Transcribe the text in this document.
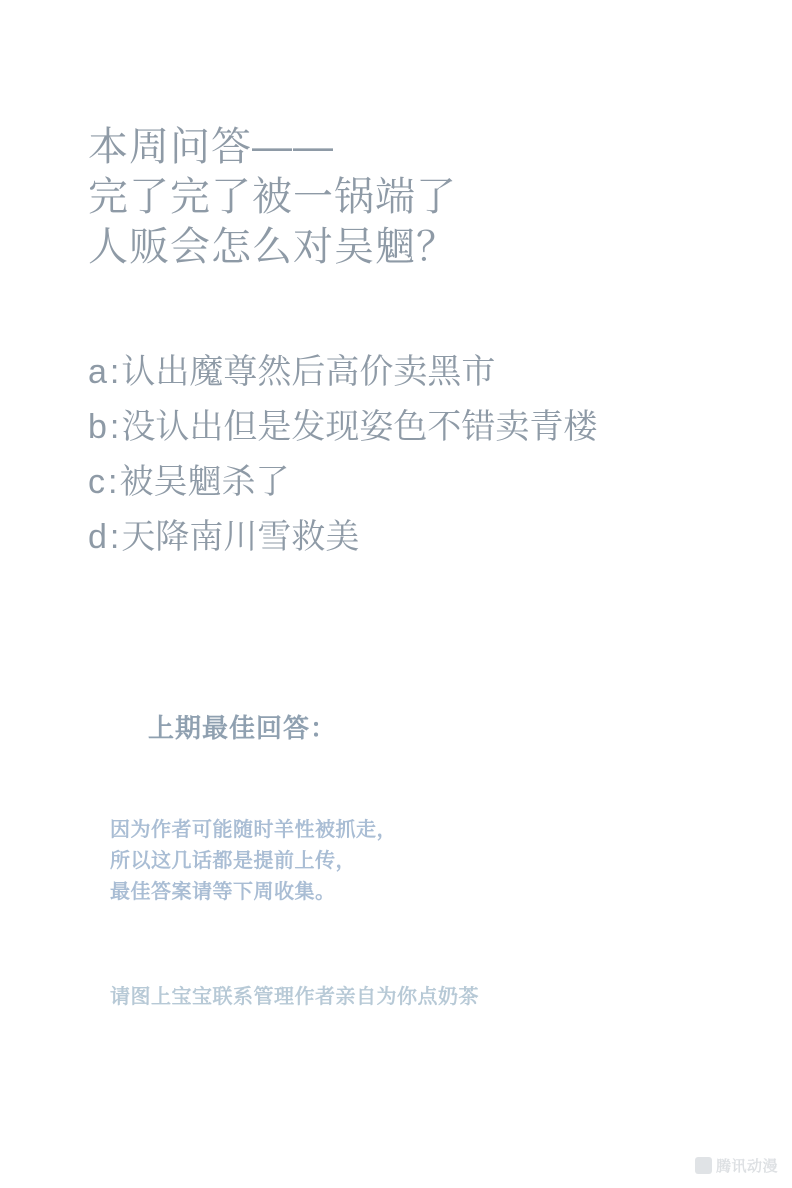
本周问答——
完了完了被一锅端了
人贩会怎么对吴魍？
a:认出魔尊然后高价卖黑市
b:没认出但是发现姿色不错卖青楼
c:被吴魍杀了
d:天降南川雪救美
上期最佳回答：
因为作者可能随时羊性被抓走，
所以这几话都是提前上传，
最佳答案请等下周收集。
请图上宝宝联系管理作者亲自为你点奶茶
腾讯动漫
